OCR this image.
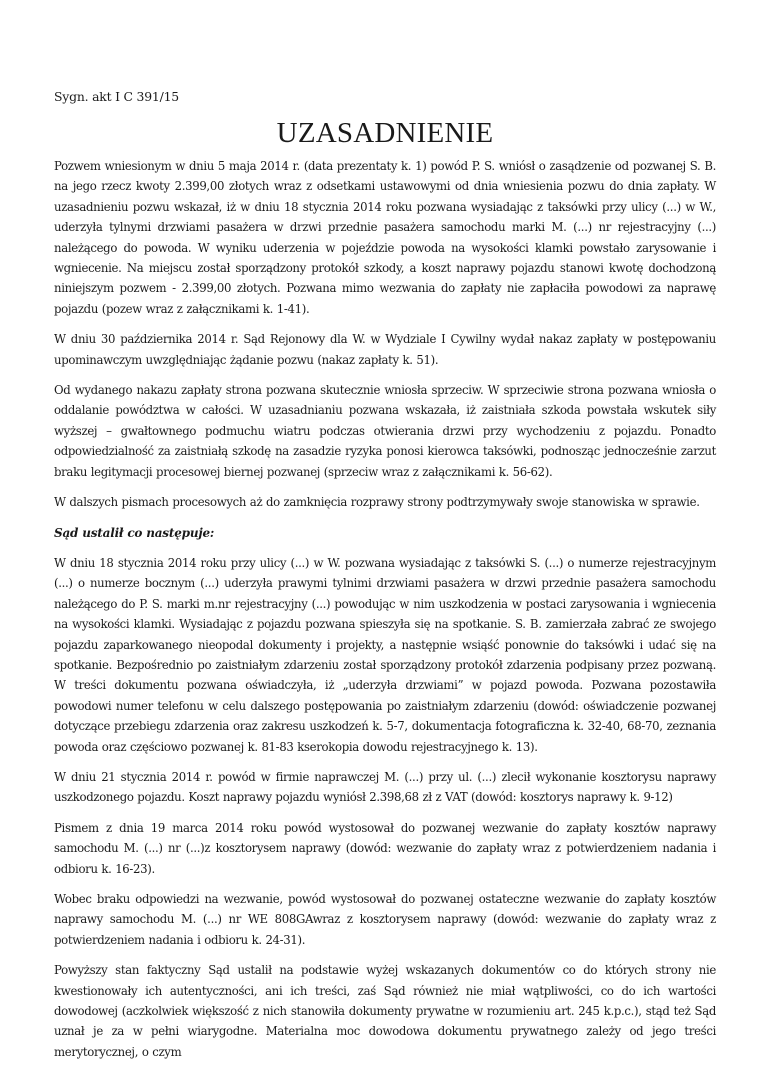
Sygn. akt I C 391/15

UZASADNIENIE

Pozwem wniesionym w dniu 5 maja 2014 r. (data prezentaty k. 1) powód P. S. wniósł o zasądzenie od pozwanej S. B. na jego rzecz kwoty 2.399,00 złotych wraz z odsetkami ustawowymi od dnia wniesienia pozwu do dnia zapłaty. W uzasadnieniu pozwu wskazał, iż w dniu 18 stycznia 2014 roku pozwana wysiadając z taksówki przy ulicy (...) w W., uderzyła tylnymi drzwiami pasażera w drzwi przednie pasażera samochodu marki M. (...) nr rejestracyjny (...) należącego do powoda. W wyniku uderzenia w pojeździe powoda na wysokości klamki powstało zarysowanie i wgniecenie. Na miejscu został sporządzony protokół szkody, a koszt naprawy pojazdu stanowi kwotę dochodzoną niniejszym pozwem - 2.399,00 złotych. Pozwana mimo wezwania do zapłaty nie zapłaciła powodowi za naprawę pojazdu (pozew wraz z załącznikami k. 1-41).

W dniu 30 października 2014 r. Sąd Rejonowy dla W. w Wydziale I Cywilny wydał nakaz zapłaty w postępowaniu upominawczym uwzględniając żądanie pozwu (nakaz zapłaty k. 51).

Od wydanego nakazu zapłaty strona pozwana skutecznie wniosła sprzeciw. W sprzeciwie strona pozwana wniosła o oddalanie powództwa w całości. W uzasadnianiu pozwana wskazała, iż zaistniała szkoda powstała wskutek siły wyższej – gwałtownego podmuchu wiatru podczas otwierania drzwi przy wychodzeniu z pojazdu. Ponadto odpowiedzialność za zaistniałą szkodę na zasadzie ryzyka ponosi kierowca taksówki, podnosząc jednocześnie zarzut braku legitymacji procesowej biernej pozwanej (sprzeciw wraz z załącznikami k. 56-62).

W dalszych pismach procesowych aż do zamknięcia rozprawy strony podtrzymywały swoje stanowiska w sprawie.

Sąd ustalił co następuje:

W dniu 18 stycznia 2014 roku przy ulicy (...) w W. pozwana wysiadając z taksówki S. (...) o numerze rejestracyjnym (...) o numerze bocznym (...) uderzyła prawymi tylnimi drzwiami pasażera w drzwi przednie pasażera samochodu należącego do P. S. marki m.nr rejestracyjny (...) powodując w nim uszkodzenia w postaci zarysowania i wgniecenia na wysokości klamki. Wysiadając z pojazdu pozwana spieszyła się na spotkanie. S. B. zamierzała zabrać ze swojego pojazdu zaparkowanego nieopodal dokumenty i projekty, a następnie wsiąść ponownie do taksówki i udać się na spotkanie. Bezpośrednio po zaistniałym zdarzeniu został sporządzony protokół zdarzenia podpisany przez pozwaną. W treści dokumentu pozwana oświadczyła, iż „uderzyła drzwiami” w pojazd powoda. Pozwana pozostawiła powodowi numer telefonu w celu dalszego postępowania po zaistniałym zdarzeniu (dowód: oświadczenie pozwanej dotyczące przebiegu zdarzenia oraz zakresu uszkodzeń k. 5-7, dokumentacja fotograficzna k. 32-40, 68-70, zeznania powoda oraz częściowo pozwanej k. 81-83 kserokopia dowodu rejestracyjnego k. 13).

W dniu 21 stycznia 2014 r. powód w firmie naprawczej M. (...) przy ul. (...) zlecił wykonanie kosztorysu naprawy uszkodzonego pojazdu. Koszt naprawy pojazdu wyniósł 2.398,68 zł z VAT (dowód: kosztorys naprawy k. 9-12)

Pismem z dnia 19 marca 2014 roku powód wystosował do pozwanej wezwanie do zapłaty kosztów naprawy samochodu M. (...) nr (...)z kosztorysem naprawy (dowód: wezwanie do zapłaty wraz z potwierdzeniem nadania i odbioru k. 16-23).

Wobec braku odpowiedzi na wezwanie, powód wystosował do pozwanej ostateczne wezwanie do zapłaty kosztów naprawy samochodu M. (...) nr WE 808GAwraz z kosztorysem naprawy (dowód: wezwanie do zapłaty wraz z potwierdzeniem nadania i odbioru k. 24-31).

Powyższy stan faktyczny Sąd ustalił na podstawie wyżej wskazanych dokumentów co do których strony nie kwestionowały ich autentyczności, ani ich treści, zaś Sąd również nie miał wątpliwości, co do ich wartości dowodowej (aczkolwiek większość z nich stanowiła dokumenty prywatne w rozumieniu art. 245 k.p.c.), stąd też Sąd uznał je za w pełni wiarygodne. Materialna moc dowodowa dokumentu prywatnego zależy od jego treści merytorycznej, o czym
